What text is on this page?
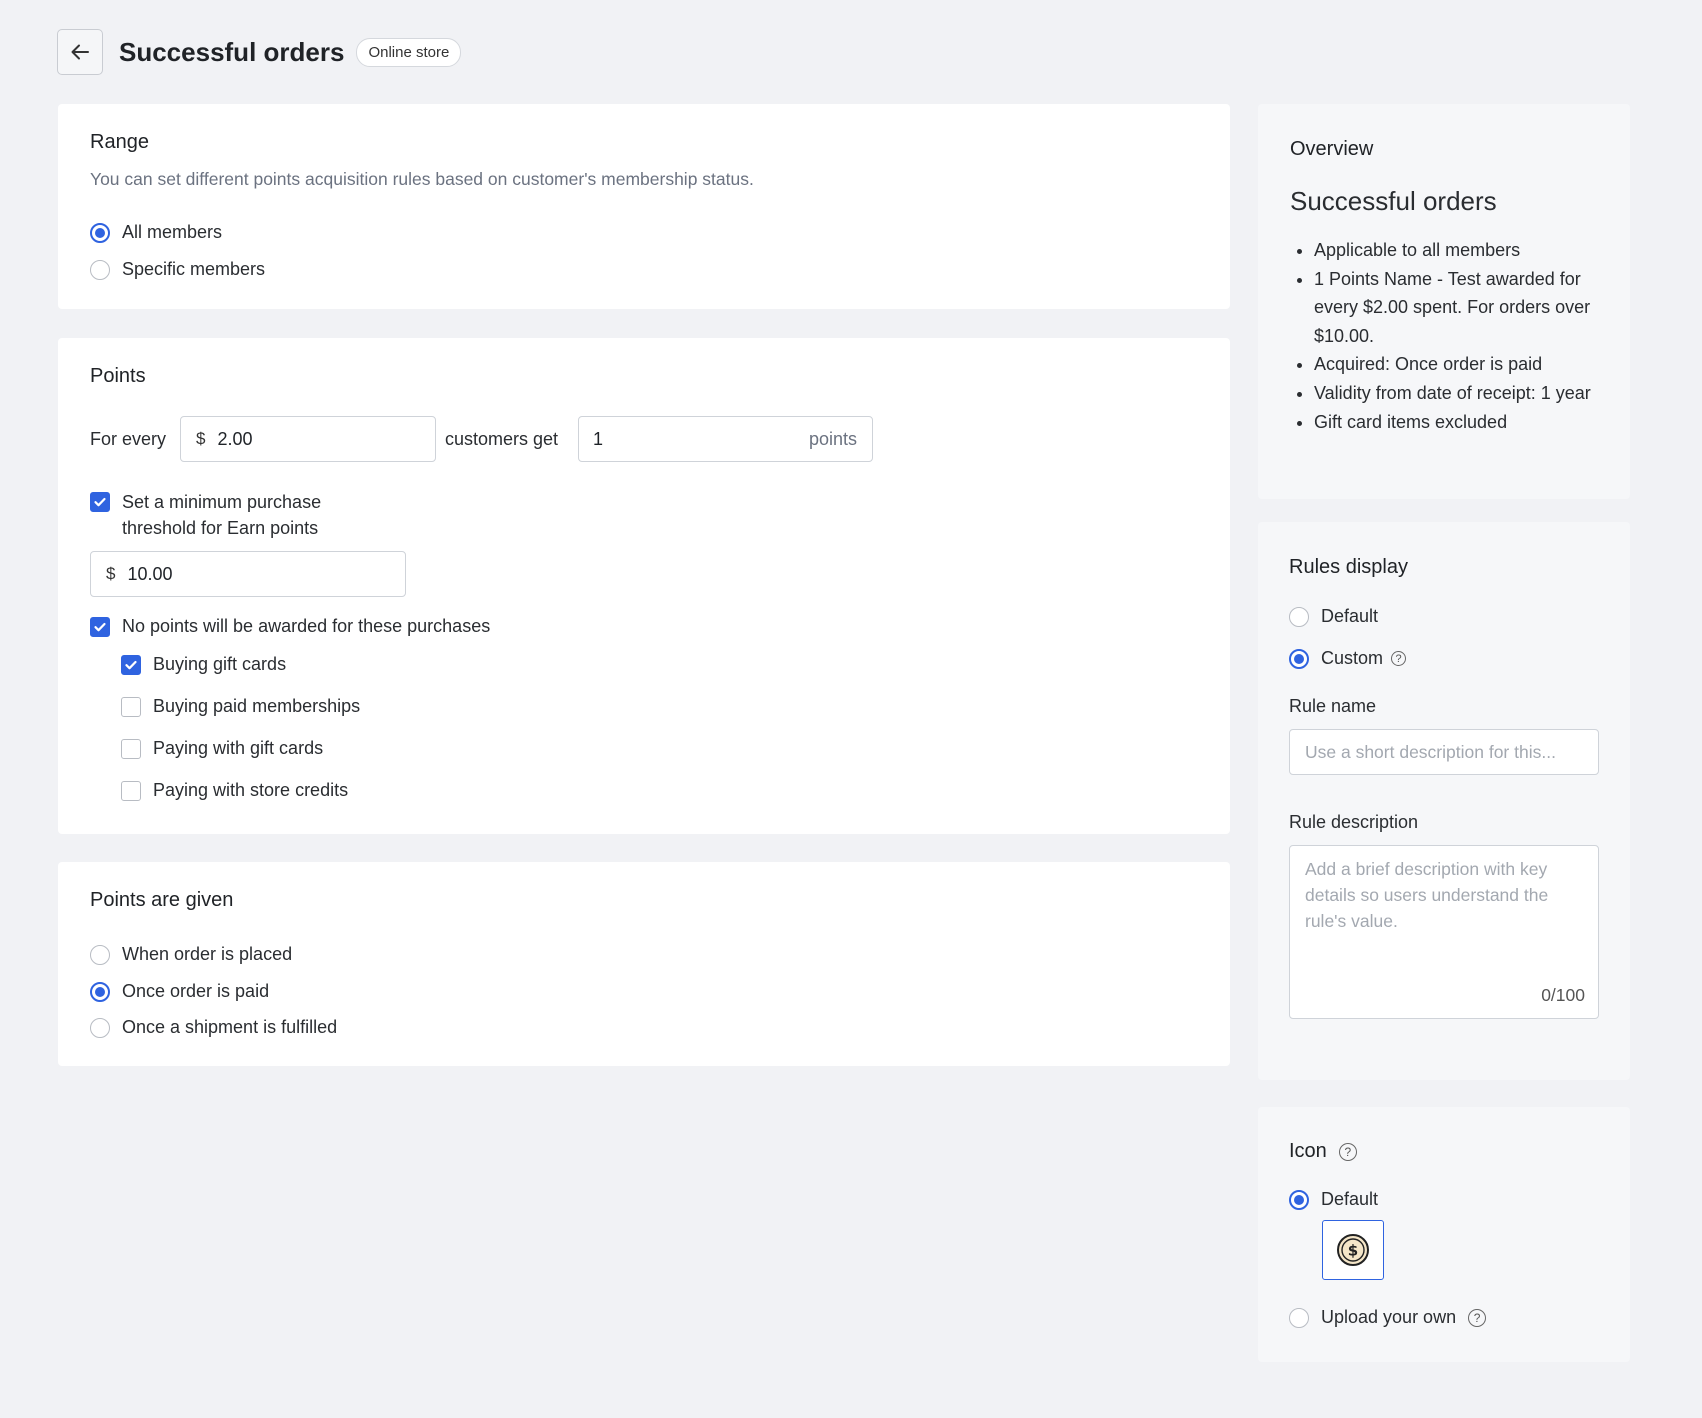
Successful orders	Online store
Range
You can set different points acquisition rules based on customer's membership status.
All members
Specific members
Points
For every $ 2.00	customers get 1	points
Set a minimum purchase
threshold for Earn points
$ 10.00
No points will be awarded for these purchases
Buying gift cards
Buying paid memberships
Paying with gift cards
Paying with store credits
Points are given
When order is placed
Once order is paid
Once a shipment is fulfilled
Overview
Successful orders
• Applicable to all members
• 1 Points Name - Test awarded for every $2.00 spent. For orders over $10.00.
• Acquired: Once order is paid
• Validity from date of receipt: 1 year
• Gift card items excluded
Rules display
Default
Custom	?
Rule name
Use a short description for this...
Rule description
Add a brief description with key details so users understand the rule's value.
0/100
Icon	?
Default
$
Upload your own	?
